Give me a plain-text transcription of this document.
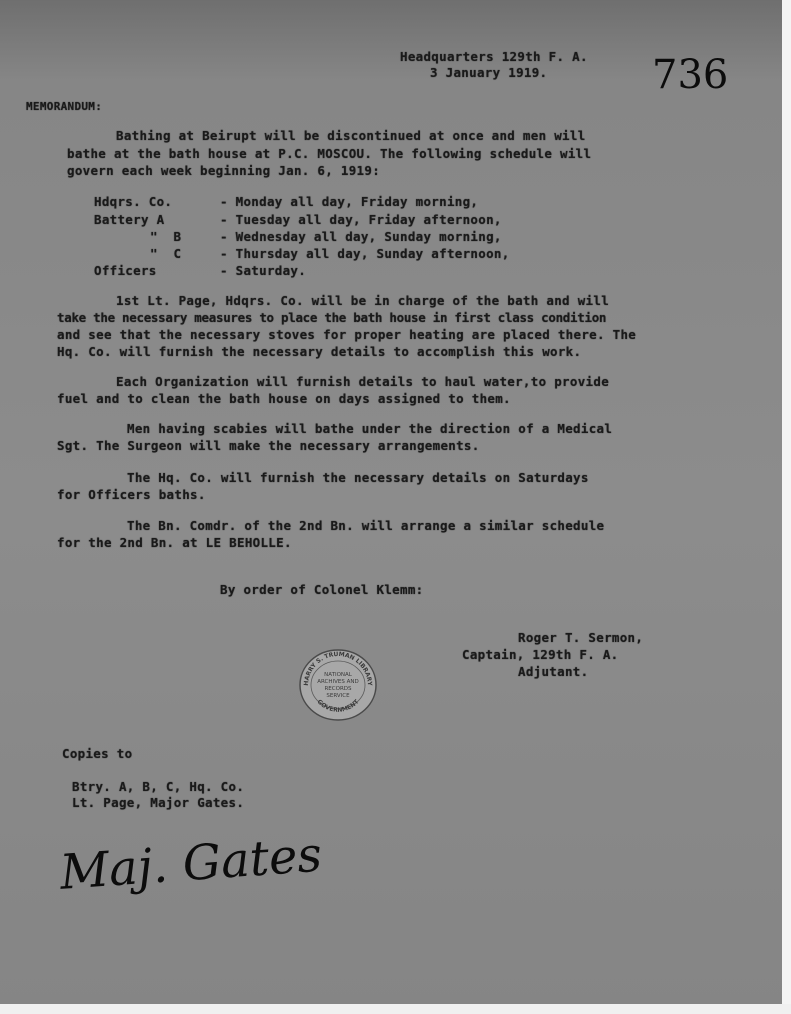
Headquarters 129th F. A.
3 January 1919.	736
MEMORANDUM:
Bathing at Beirupt will be discontinued at once and men will
bathe at the bath house at P.C. MOSCOU. The following schedule will
govern each week beginning Jan. 6, 1919:
Hdqrs. Co.	- Monday all day, Friday morning,
Battery A	- Tuesday all day, Friday afternoon,
"  B	- Wednesday all day, Sunday morning,
"  C	- Thursday all day, Sunday afternoon,
Officers	- Saturday.
1st Lt. Page, Hdqrs. Co. will be in charge of the bath and will
take the necessary measures to place the bath house in first class condition
and see that the necessary stoves for proper heating are placed there. The
Hq. Co. will furnish the necessary details to accomplish this work.
Each Organization will furnish details to haul water,to provide
fuel and to clean the bath house on days assigned to them.
Men having scabies will bathe under the direction of a Medical
Sgt. The Surgeon will make the necessary arrangements.
The Hq. Co. will furnish the necessary details on Saturdays
for Officers baths.
The Bn. Comdr. of the 2nd Bn. will arrange a similar schedule
for the 2nd Bn. at LE BEHOLLE.
By order of Colonel Klemm:
Roger T. Sermon,
Captain, 129th F. A.
Adjutant.
HARRY S. TRUMAN LIBRARY
NATIONAL
ARCHIVES AND
RECORDS
SERVICE
GOVERNMENT
Copies to
Btry. A, B, C, Hq. Co.
Lt. Page, Major Gates.
Maj. Gates
